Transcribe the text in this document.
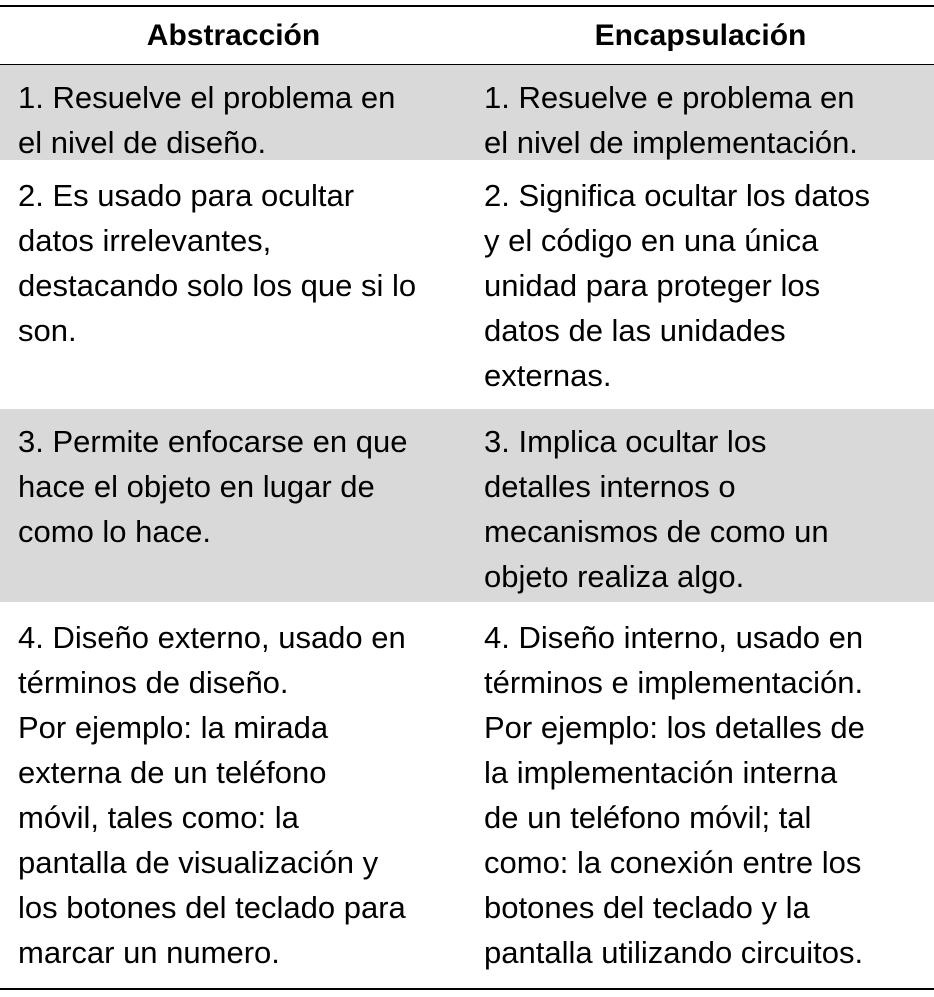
Abstracción	Encapsulación
1. Resuelve el problema en
el nivel de diseño.
1. Resuelve e problema en
el nivel de implementación.
2. Es usado para ocultar
datos irrelevantes,
destacando solo los que si lo
son.
2. Significa ocultar los datos
y el código en una única
unidad para proteger los
datos de las unidades
externas.
3. Permite enfocarse en que
hace el objeto en lugar de
como lo hace.
3. Implica ocultar los
detalles internos o
mecanismos de como un
objeto realiza algo.
4. Diseño externo, usado en
términos de diseño.
Por ejemplo: la mirada
externa de un teléfono
móvil, tales como: la
pantalla de visualización y
los botones del teclado para
marcar un numero.
4. Diseño interno, usado en
términos e implementación.
Por ejemplo: los detalles de
la implementación interna
de un teléfono móvil; tal
como: la conexión entre los
botones del teclado y la
pantalla utilizando circuitos.
